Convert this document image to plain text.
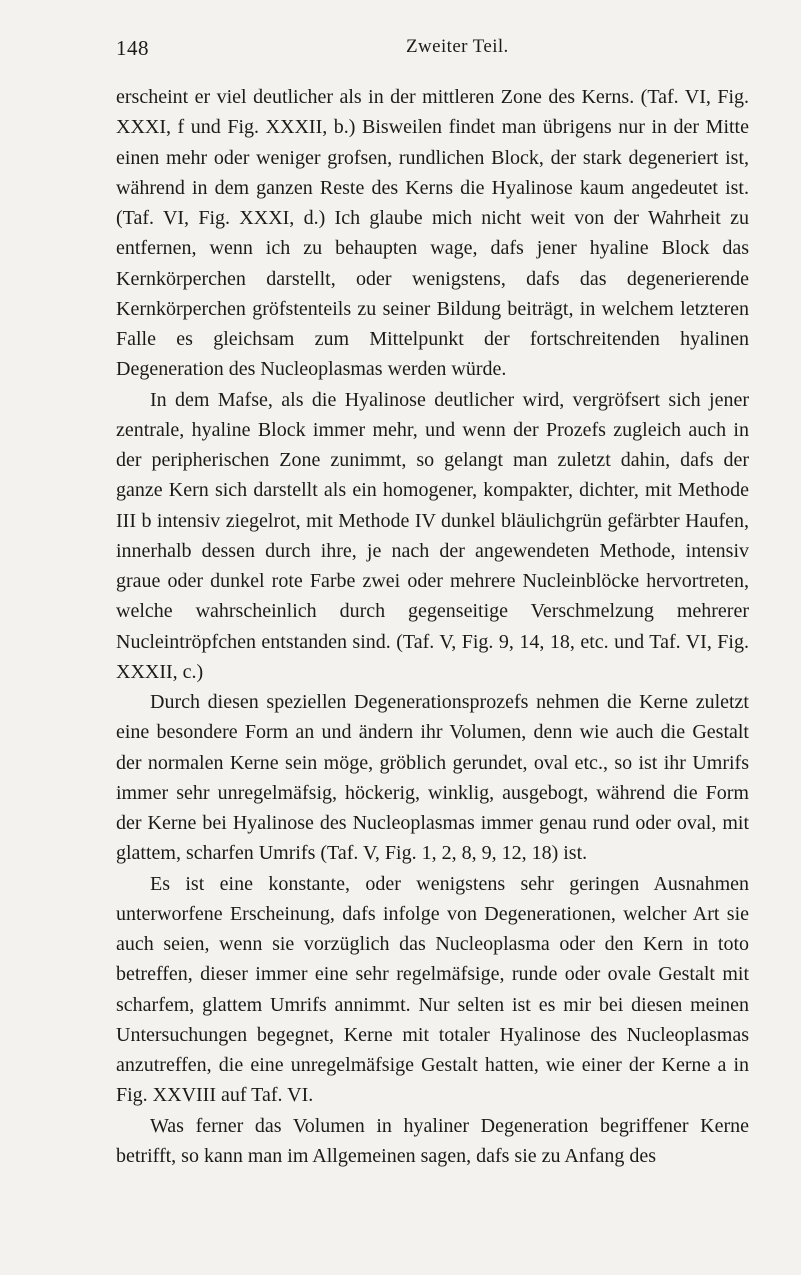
148	Zweiter Teil.

erscheint er viel deutlicher als in der mittleren Zone des Kerns. (Taf. VI, Fig. XXXI, f und Fig. XXXII, b.) Bisweilen findet man übrigens nur in der Mitte einen mehr oder weniger grofsen, rundlichen Block, der stark degeneriert ist, während in dem ganzen Reste des Kerns die Hyalinose kaum angedeutet ist. (Taf. VI, Fig. XXXI, d.) Ich glaube mich nicht weit von der Wahrheit zu entfernen, wenn ich zu behaupten wage, dafs jener hyaline Block das Kernkörperchen darstellt, oder wenigstens, dafs das degenerierende Kernkörperchen gröfstenteils zu seiner Bildung beiträgt, in welchem letzteren Falle es gleichsam zum Mittelpunkt der fortschreitenden hyalinen Degeneration des Nucleoplasmas werden würde.

In dem Mafse, als die Hyalinose deutlicher wird, vergröfsert sich jener zentrale, hyaline Block immer mehr, und wenn der Prozefs zugleich auch in der peripherischen Zone zunimmt, so gelangt man zuletzt dahin, dafs der ganze Kern sich darstellt als ein homogener, kompakter, dichter, mit Methode III b intensiv ziegelrot, mit Methode IV dunkel bläulichgrün gefärbter Haufen, innerhalb dessen durch ihre, je nach der angewendeten Methode, intensiv graue oder dunkel rote Farbe zwei oder mehrere Nucleinblöcke hervortreten, welche wahrscheinlich durch gegenseitige Verschmelzung mehrerer Nucleintröpfchen entstanden sind. (Taf. V, Fig. 9, 14, 18, etc. und Taf. VI, Fig. XXXII, c.)

Durch diesen speziellen Degenerationsprozefs nehmen die Kerne zuletzt eine besondere Form an und ändern ihr Volumen, denn wie auch die Gestalt der normalen Kerne sein möge, gröblich gerundet, oval etc., so ist ihr Umrifs immer sehr unregelmäfsig, höckerig, winklig, ausgebogt, während die Form der Kerne bei Hyalinose des Nucleoplasmas immer genau rund oder oval, mit glattem, scharfen Umrifs (Taf. V, Fig. 1, 2, 8, 9, 12, 18) ist.

Es ist eine konstante, oder wenigstens sehr geringen Ausnahmen unterworfene Erscheinung, dafs infolge von Degenerationen, welcher Art sie auch seien, wenn sie vorzüglich das Nucleoplasma oder den Kern in toto betreffen, dieser immer eine sehr regelmäfsige, runde oder ovale Gestalt mit scharfem, glattem Umrifs annimmt. Nur selten ist es mir bei diesen meinen Untersuchungen begegnet, Kerne mit totaler Hyalinose des Nucleoplasmas anzutreffen, die eine unregelmäfsige Gestalt hatten, wie einer der Kerne a in Fig. XXVIII auf Taf. VI.

Was ferner das Volumen in hyaliner Degeneration begriffener Kerne betrifft, so kann man im Allgemeinen sagen, dafs sie zu Anfang des
